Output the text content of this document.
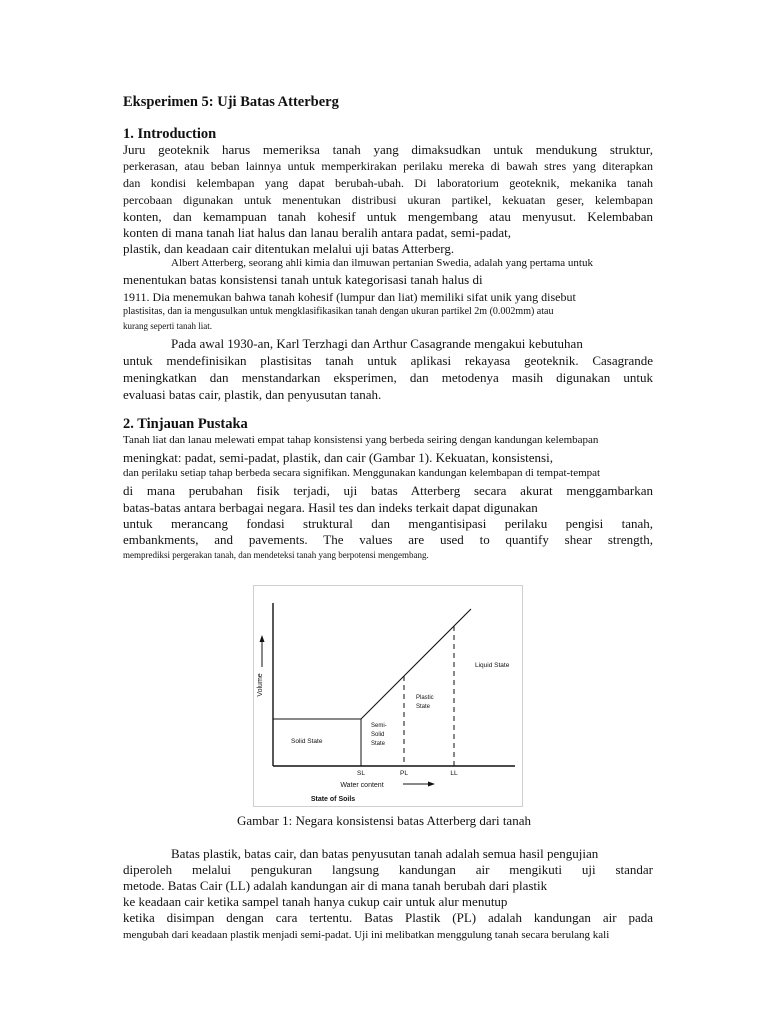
Eksperimen 5: Uji Batas Atterberg
1. Introduction
Juru geoteknik harus memeriksa tanah yang dimaksudkan untuk mendukung struktur,
perkerasan, atau beban lainnya untuk memperkirakan perilaku mereka di bawah stres yang diterapkan
dan kondisi kelembapan yang dapat berubah-ubah. Di laboratorium geoteknik, mekanika tanah
percobaan digunakan untuk menentukan distribusi ukuran partikel, kekuatan geser, kelembapan
konten, dan kemampuan tanah kohesif untuk mengembang atau menyusut. Kelembaban
konten di mana tanah liat halus dan lanau beralih antara padat, semi-padat,
plastik, dan keadaan cair ditentukan melalui uji batas Atterberg.
Albert Atterberg, seorang ahli kimia dan ilmuwan pertanian Swedia, adalah yang pertama untuk
menentukan batas konsistensi tanah untuk kategorisasi tanah halus di
1911. Dia menemukan bahwa tanah kohesif (lumpur dan liat) memiliki sifat unik yang disebut
plastisitas, dan ia mengusulkan untuk mengklasifikasikan tanah dengan ukuran partikel 2m (0.002mm) atau
kurang seperti tanah liat.
Pada awal 1930-an, Karl Terzhagi dan Arthur Casagrande mengakui kebutuhan
untuk mendefinisikan plastisitas tanah untuk aplikasi rekayasa geoteknik. Casagrande
meningkatkan dan menstandarkan eksperimen, dan metodenya masih digunakan untuk
evaluasi batas cair, plastik, dan penyusutan tanah.
2. Tinjauan Pustaka
Tanah liat dan lanau melewati empat tahap konsistensi yang berbeda seiring dengan kandungan kelembapan
meningkat: padat, semi-padat, plastik, dan cair (Gambar 1). Kekuatan, konsistensi,
dan perilaku setiap tahap berbeda secara signifikan. Menggunakan kandungan kelembapan di tempat-tempat
di mana perubahan fisik terjadi, uji batas Atterberg secara akurat menggambarkan
batas-batas antara berbagai negara. Hasil tes dan indeks terkait dapat digunakan
untuk merancang fondasi struktural dan mengantisipasi perilaku pengisi tanah,
embankments, and pavements. The values are used to quantify shear strength,
memprediksi pergerakan tanah, dan mendeteksi tanah yang berpotensi mengembang.
Volume
Solid State
Semi-
Solid
State
Plastic
State
Liquid State
SL	PL	LL
Water content
State of Soils
Gambar 1: Negara konsistensi batas Atterberg dari tanah
Batas plastik, batas cair, dan batas penyusutan tanah adalah semua hasil pengujian
diperoleh melalui pengukuran langsung kandungan air mengikuti uji standar
metode. Batas Cair (LL) adalah kandungan air di mana tanah berubah dari plastik
ke keadaan cair ketika sampel tanah hanya cukup cair untuk alur menutup
ketika disimpan dengan cara tertentu. Batas Plastik (PL) adalah kandungan air pada
mengubah dari keadaan plastik menjadi semi-padat. Uji ini melibatkan menggulung tanah secara berulang kali
